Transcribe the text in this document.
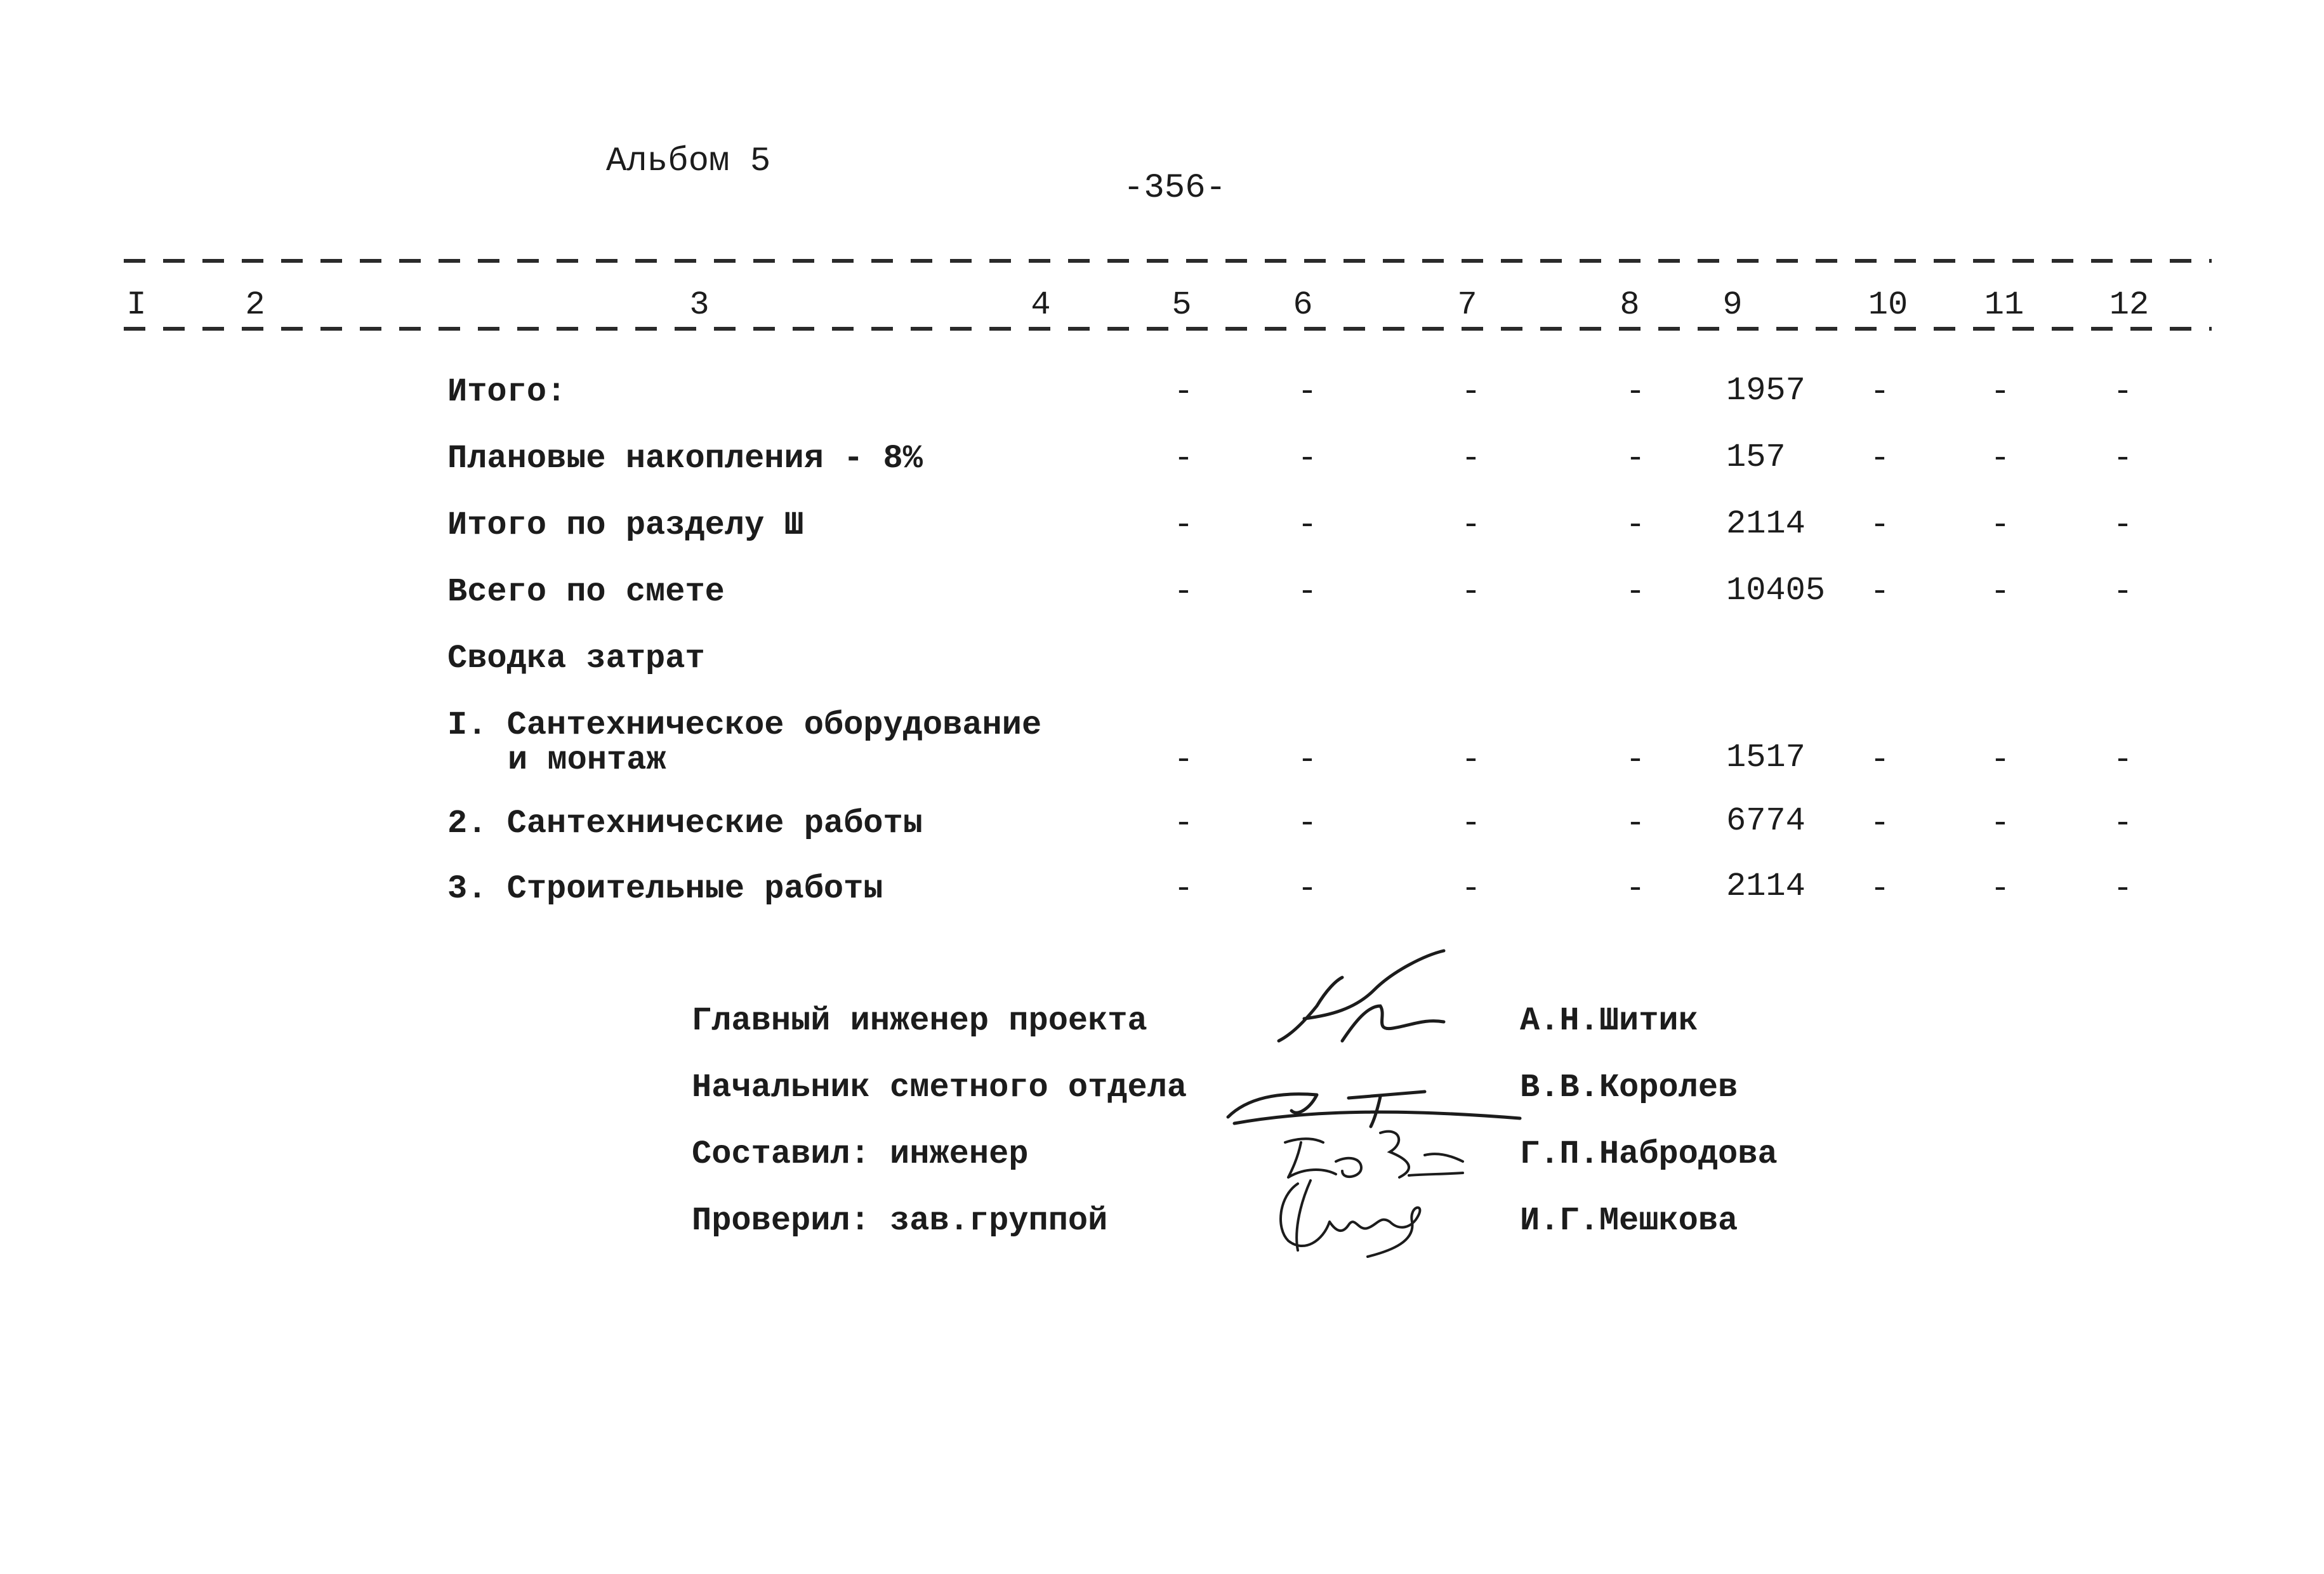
Альбом 5
-356-
I	2	3	4	5	6	7	8	9	10 11	12
Итого:	-	-	-	- 1957 -	-	-
Плановые накопления - 8%	-	-	-	- 157	-	-	-
Итого по разделу Ш	-	-	-	- 2114 -	-	-
Всего по смете	-	-	-	- 10405 -	-	-
Сводка затрат
I. Сантехническое оборудование
и монтаж	-	-	-	- 1517 -	-	-
2. Сантехнические работы	-	-	-	- 6774 -	-	-
3. Строительные работы	-	-	-	- 2114 -	-	-
Главный инженер проекта	А.Н.Шитик
Начальник сметного отдела	В.В.Королев
Составил: инженер	Г.П.Набродова
Проверил: зав.группой	И.Г.Мешкова
